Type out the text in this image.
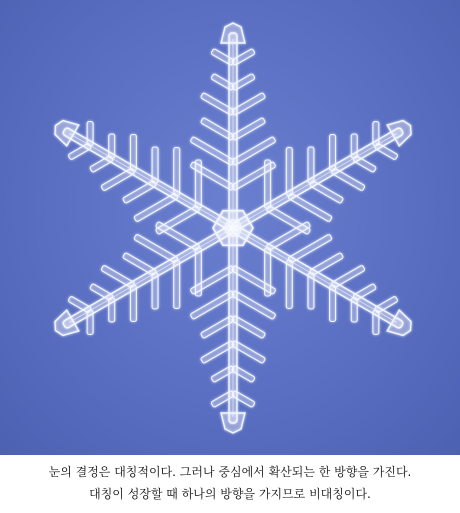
눈의 결정은 대칭적이다. 그러나 중심에서 확산되는 한 방향을 가진다.
대칭이 성장할 때 하나의 방향을 가지므로 비대칭이다.
